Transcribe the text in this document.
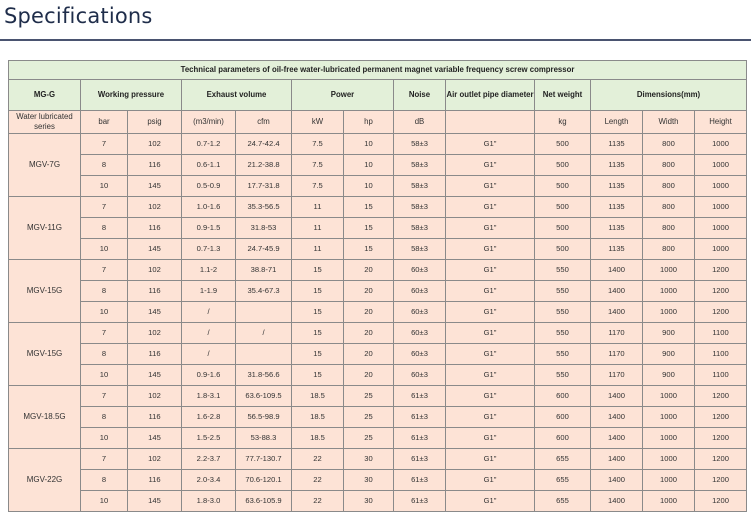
Specifications
Technical parameters of oil-free water-lubricated permanent magnet variable frequency screw compressor												
MG-G	Working pressure		Exhaust volume		Power		Noise	Air outlet pipe diameter	Net weight	Dimensions(mm)		
Water lubricated series	bar	psig	(m3/min)	cfm	kW	hp	dB		kg	Length	Width	Height
MGV-7G	7	102	0.7-1.2	24.7-42.4	7.5	10	58±3	G1"	500	1135	800	1000
	8	116	0.6-1.1	21.2-38.8	7.5	10	58±3	G1"	500	1135	800	1000
	10	145	0.5-0.9	17.7-31.8	7.5	10	58±3	G1"	500	1135	800	1000
MGV-11G	7	102	1.0-1.6	35.3-56.5	11	15	58±3	G1"	500	1135	800	1000
	8	116	0.9-1.5	31.8-53	11	15	58±3	G1"	500	1135	800	1000
	10	145	0.7-1.3	24.7-45.9	11	15	58±3	G1"	500	1135	800	1000
MGV-15G	7	102	1.1-2	38.8-71	15	20	60±3	G1"	550	1400	1000	1200
	8	116	1-1.9	35.4-67.3	15	20	60±3	G1"	550	1400	1000	1200
	10	145	/		15	20	60±3	G1"	550	1400	1000	1200
MGV-15G	7	102	/	/	15	20	60±3	G1"	550	1170	900	1100
	8	116	/		15	20	60±3	G1"	550	1170	900	1100
	10	145	0.9-1.6	31.8-56.6	15	20	60±3	G1"	550	1170	900	1100
MGV-18.5G	7	102	1.8-3.1	63.6-109.5	18.5	25	61±3	G1"	600	1400	1000	1200
	8	116	1.6-2.8	56.5-98.9	18.5	25	61±3	G1"	600	1400	1000	1200
	10	145	1.5-2.5	53-88.3	18.5	25	61±3	G1"	600	1400	1000	1200
MGV-22G	7	102	2.2-3.7	77.7-130.7	22	30	61±3	G1"	655	1400	1000	1200
	8	116	2.0-3.4	70.6-120.1	22	30	61±3	G1"	655	1400	1000	1200
	10	145	1.8-3.0	63.6-105.9	22	30	61±3	G1"	655	1400	1000	1200
